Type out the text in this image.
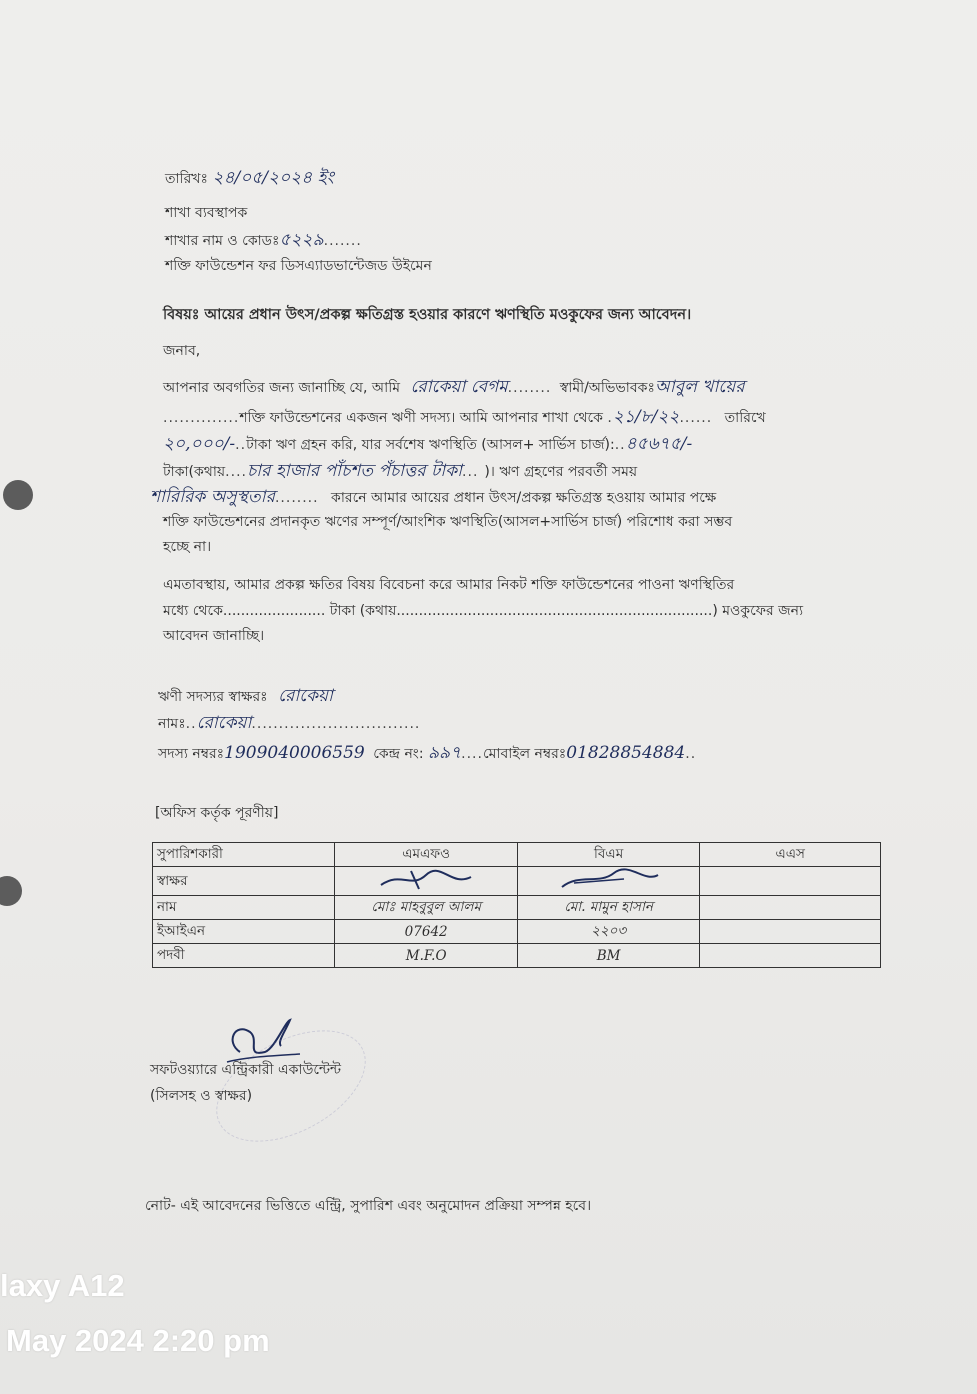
তারিখঃ ২৪/০৫/২০২৪ ইং
শাখা ব্যবস্থাপক
শাখার নাম ও কোডঃ৫২২৯.......
শক্তি ফাউন্ডেশন ফর ডিসএ্যাডভান্টেজড উইমেন
বিষয়ঃ আয়ের প্রধান উৎস/প্রকল্প ক্ষতিগ্রস্ত হওয়ার কারণে ঋণস্থিতি মওকুফের জন্য আবেদন।
জনাব,
আপনার অবগতির জন্য জানাচ্ছি যে, আমি রোকেয়া বেগম........ স্বামী/অভিভাবকঃআবুল খায়ের
..............শক্তি ফাউন্ডেশনের একজন ঋণী সদস্য। আমি আপনার শাখা থেকে .২১/৮/২২...... তারিখে
২০,০০০/-..টাকা ঋণ গ্রহন করি, যার সর্বশেষ ঋণস্থিতি (আসল+ সার্ভিস চার্জ):..৪৫৬৭৫/-
টাকা(কথায়....চার হাজার পাঁচশত পঁচাত্তর টাকা... )। ঋণ গ্রহণের পরবর্তী সময়
শারিরিক অসুস্থতার........ কারনে আমার আয়ের প্রধান উৎস/প্রকল্প ক্ষতিগ্রস্ত হওয়ায় আমার পক্ষে
শক্তি ফাউন্ডেশনের প্রদানকৃত ঋণের সম্পূর্ণ/আংশিক ঋণস্থিতি(আসল+সার্ভিস চার্জ) পরিশোধ করা সম্ভব
হচ্ছে না।
এমতাবস্থায়, আমার প্রকল্প ক্ষতির বিষয় বিবেচনা করে আমার নিকট শক্তি ফাউন্ডেশনের পাওনা ঋণস্থিতির
মধ্যে থেকে....................... টাকা (কথায়.......................................................................) মওকুফের জন্য
আবেদন জানাচ্ছি।
ঋণী সদস্যর স্বাক্ষরঃ রোকেয়া
নামঃ..রোকেয়া...............................
সদস্য নম্বরঃ1909040006559 কেন্দ্র নং: ৯৯৭....মোবাইল নম্বরঃ01828854884..
[অফিস কর্তৃক পূরণীয়]
সুপারিশকারী	এমএফও	বিএম	এএস
স্বাক্ষর			
নাম	মোঃ মাহবুবুল আলম	মো. মামুন হাসান	
ইআইএন	07642	২২০৩	
পদবী	M.F.O	BM	
সফটওয়্যারে এন্ট্রিকারী একাউন্টেন্ট
(সিলসহ ও স্বাক্ষর)
নোট- এই আবেদনের ভিত্তিতে এন্ট্রি, সুপারিশ এবং অনুমোদন প্রক্রিয়া সম্পন্ন হবে।
laxy A12
May 2024 2:20 pm
